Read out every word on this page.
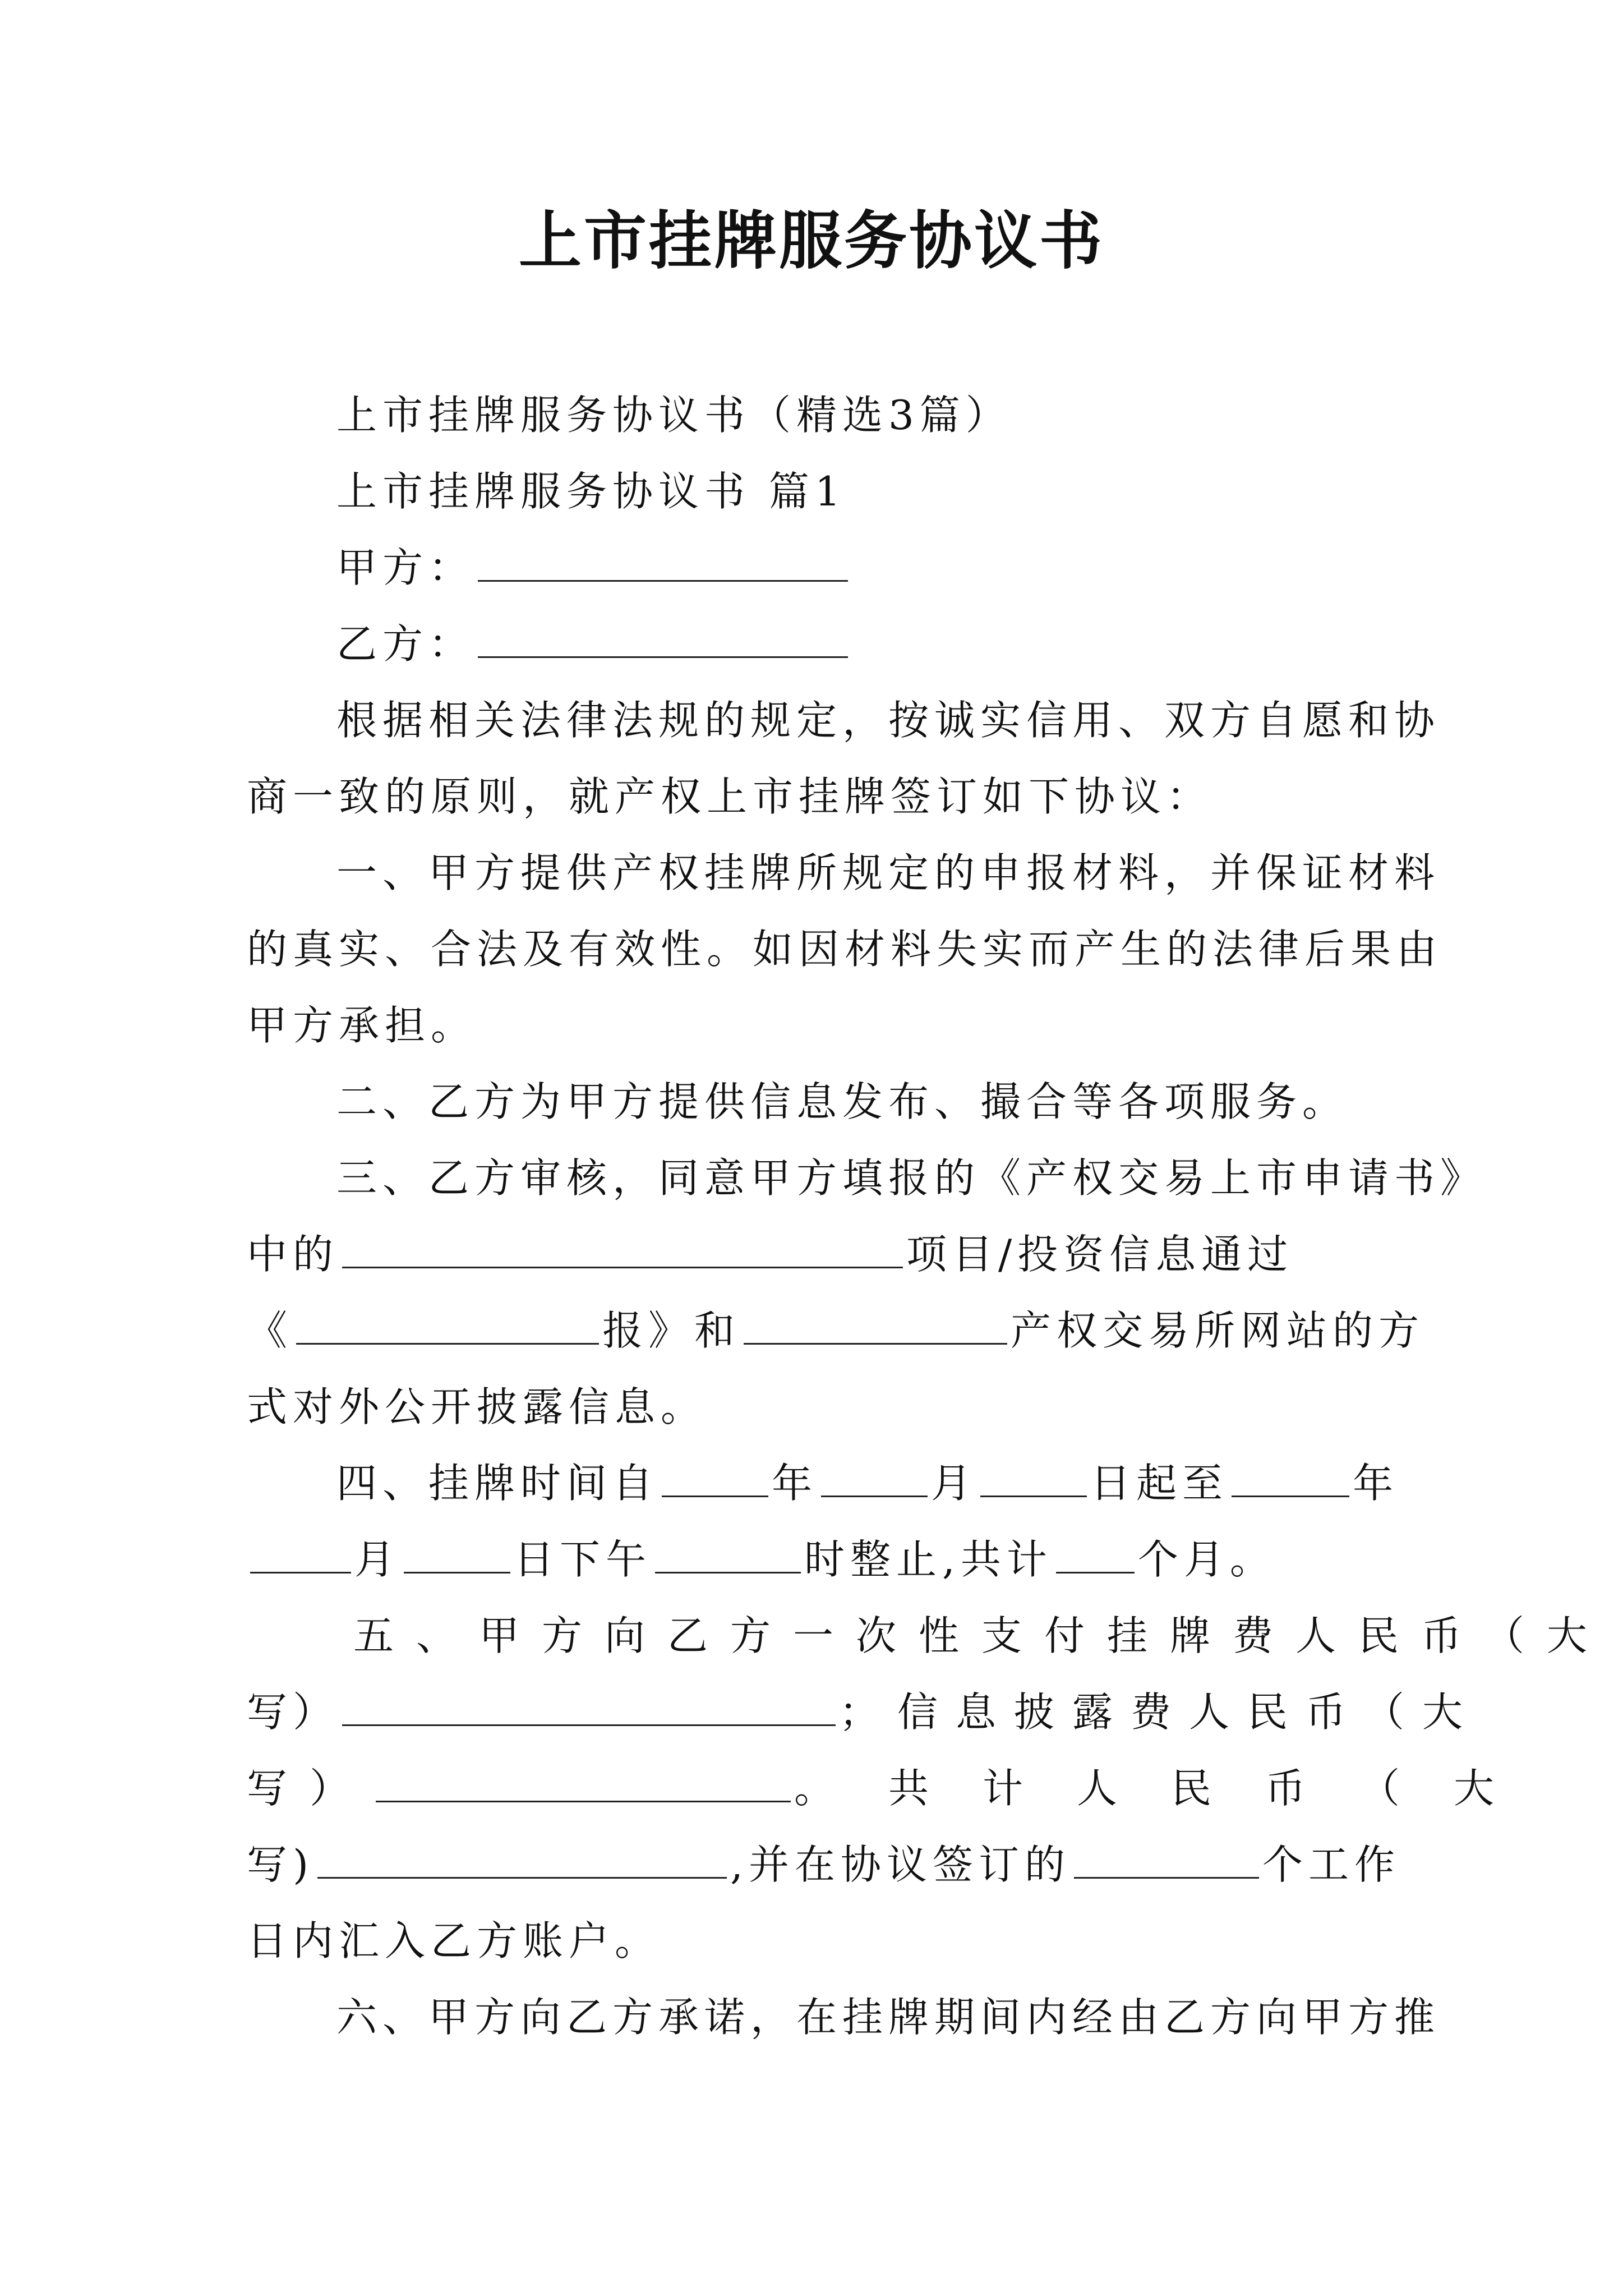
上市挂牌服务协议书
上市挂牌服务协议书（精选3篇）
上市挂牌服务协议书 篇1
甲方：
乙方：
根据相关法律法规的规定，按诚实信用、双方自愿和协
商一致的原则，就产权上市挂牌签订如下协议：
一、甲方提供产权挂牌所规定的申报材料，并保证材料
的真实、合法及有效性。如因材料失实而产生的法律后果由
甲方承担。
二、乙方为甲方提供信息发布、撮合等各项服务。
三、乙方审核，同意甲方填报的《产权交易上市申请书》
中的	项目/投资信息通过
《	报》和	产权交易所网站的方
式对外公开披露信息。
四、挂牌时间自	年	月	日起至	年
月	日下午	时整止,共计 个月。
五、甲方向乙方一次性支付挂牌费人民币（大
写）	；信息披露费人民币（大
写）	。共计人民币（大
写)	,并在协议签订的	个工作
日内汇入乙方账户。
六、甲方向乙方承诺，在挂牌期间内经由乙方向甲方推
